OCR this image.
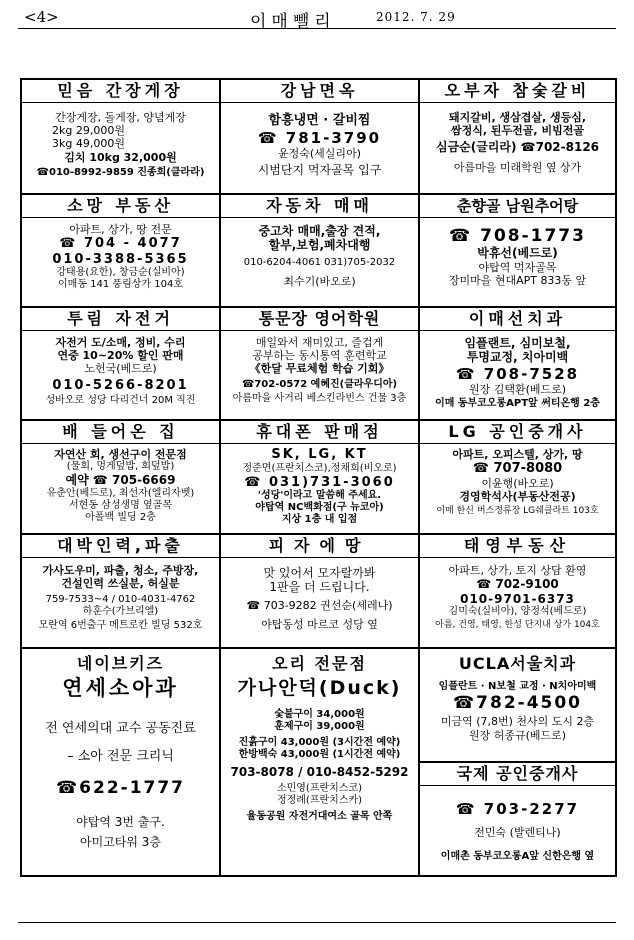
<4>	이매뺄리	2012. 7. 29
믿음 간장게장
간장게장, 돌게장, 양념게장
2kg 29,000원
3kg 49,000원
김치 10kg 32,000원
☎010-8992-9859 진종희(클라라)
강남면옥
함흥냉면 · 갈비찜
☎ 781-3790
윤정숙(세실리아)
시범단지 먹자골목 입구
오부자 참숯갈비
돼지갈비, 생삼겹살, 생등심,
쌈정식, 된두전골, 비빔전골
심금순(글리라) ☎702-8126
아름마을 미래학원 옆 상가
소망 부동산
아파트, 상가, 땅 전문
☎ 704 - 4077
010-3388-5365
강태용(요한), 창금순(실비아)
이매동 141 풍림상가 104호
자동차 매매
중고차 매매,출장 견적,
할부,보험,폐차대행
010-6204-4061 031)705-2032
최수기(바오로)
춘향골 남원추어탕
☎ 708-1773
박휴선(베드로)
야탑역 먹자골목
장미마을 현대APT 833동 앞
투림 자전거
자전거 도/소매, 정비, 수리
연중 10~20% 할인 판매
노헌국(베드로)
010-5266-8201
성바오로 성당 다리건너 20M 직진
통문장 영어학원
매일와서 재미있고, 즐겁게
공부하는 동시통역 훈련학교
《한달 무료체험 학습 기회》
☎702-0572 예혜진(클라우디아)
아름마을 사거리 베스킨라빈스 건물 3층
이매선치과
임플랜트, 심미보철,
투명교정, 치아미백
☎ 708-7528
원장 김택환(베드로)
이매 동부코오롱APT앞 써티온행 2층
배 들어온 집
자연산 회, 생선구이 전문점
(물회, 멍게덮밥, 회덮밥)
예약 ☎ 705-6669
유춘안(베드로), 최선자(엘리자벳)
서현동 삼성생명 옆골목
아폴백 빌딩 2층
휴대폰 판매점
SK, LG, KT
정준면(프란치스코),정채희(비오로)
☎ 031)731-3060
'성당'이라고 말씀해 주세요.
야탑역 NC백화점(구 뉴코아)
지상 1층 내 입점
LG 공인중개사
아파트, 오피스텔, 상가, 땅
☎ 707-8080
이윤행(바오로)
경영학석사(부동산전공)
이매 한신 버스정류장 LG쉐클라트 103호
대박인력,파출
가사도우미, 파출, 청소, 주방장,
건설인력 쓰실분, 허실분
759-7533~4 / 010-4031-4762
하훈수(가브리엘)
모란역 6번출구 메트로칸 빌딩 532호
피자에땅
맛 있어서 모자랄까봐
1판을 더 드립니다.
☎ 703-9282 권선순(세레나)
야탑동성 마르코 성당 옆
태영부동산
아파트, 상가, 토지 상담 환영
☎ 702-9100
010-9701-6373
김미숙(실비아), 양정석(베드로)
아름, 건영, 태영, 한성 단지내 상가 104호
네이브키즈
연세소아과
전 연세의대 교수 공동진료
– 소아 전문 크리닉
☎622-1777
야탑역 3번 출구.
아미고타워 3층
오리 전문점
가나안덕(Duck)
숯불구이 34,000원
훈제구이 39,000원
진흙구이 43,000원 (3시간전 예약)
한방백숙 43,000원 (1시간전 예약)
703-8078 / 010-8452-5292
소민영(프란치스코)
정정례(프란치스카)
율동공원 자전거대여소 골목 안쪽
UCLA서울치과
임플란트 · N보철 교정 · N치아미백
☎782-4500
미금역 (7,8번) 천사의 도시 2층
원장 허종규(베드로)
국제 공인중개사
☎ 703-2277
전민숙 (발렌티나)
이매촌 동부코오롱A앞 신한은행 옆
